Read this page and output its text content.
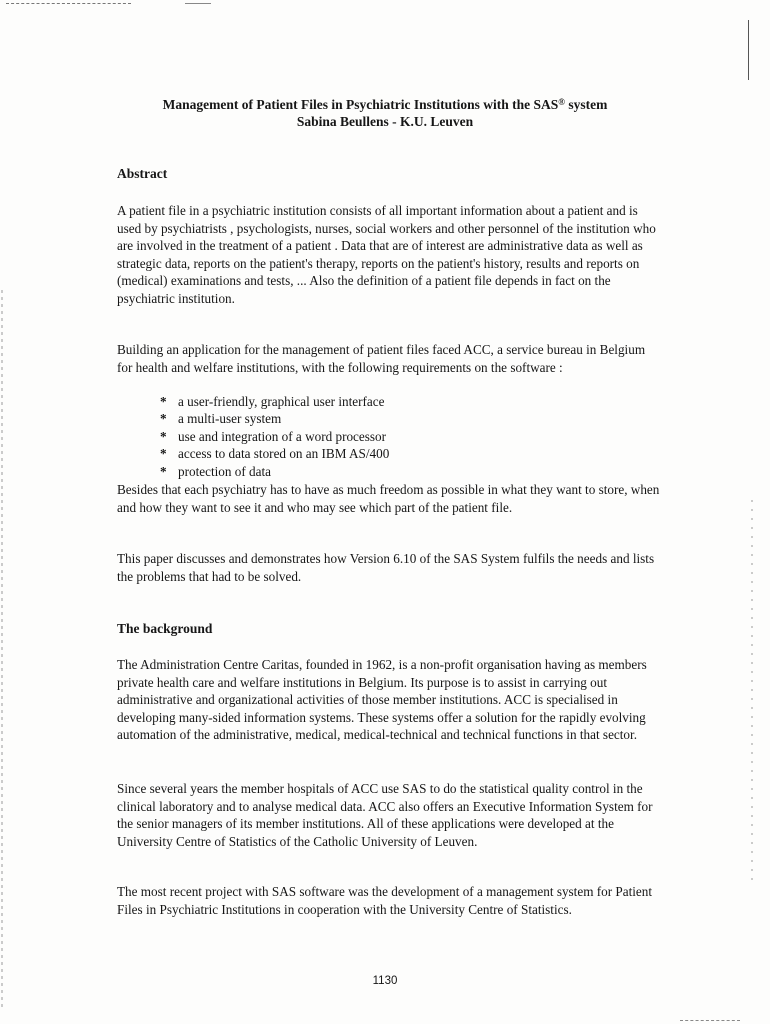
Management of Patient Files in Psychiatric Institutions with the SAS® system
Sabina Beullens - K.U. Leuven
Abstract

A patient file in a psychiatric institution consists of all important information about a patient and is used by psychiatrists , psychologists, nurses, social workers and other personnel of the institution who are involved in the treatment of a patient . Data that are of interest are administrative data as well as strategic data, reports on the patient's therapy, reports on the patient's history, results and reports on (medical) examinations and tests, ... Also the definition of a patient file depends in fact on the psychiatric institution.

Building an application for the management of patient files faced ACC, a service bureau in Belgium for health and welfare institutions, with the following requirements on the software :

* a user-friendly, graphical user interface
* a multi-user system
* use and integration of a word processor
* access to data stored on an IBM AS/400
* protection of data

Besides that each psychiatry has to have as much freedom as possible in what they want to store, when and how they want to see it and who may see which part of the patient file.

This paper discusses and demonstrates how Version 6.10 of the SAS System fulfils the needs and lists the problems that had to be solved.

The background

The Administration Centre Caritas, founded in 1962, is a non-profit organisation having as members private health care and welfare institutions in Belgium. Its purpose is to assist in carrying out administrative and organizational activities of those member institutions. ACC is specialised in developing many-sided information systems. These systems offer a solution for the rapidly evolving automation of the administrative, medical, medical-technical and technical functions in that sector.

Since several years the member hospitals of ACC use SAS to do the statistical quality control in the clinical laboratory and to analyse medical data. ACC also offers an Executive Information System for the senior managers of its member institutions. All of these applications were developed at the University Centre of Statistics of the Catholic University of Leuven.

The most recent project with SAS software was the development of a management system for Patient Files in Psychiatric Institutions in cooperation with the University Centre of Statistics.

1130
